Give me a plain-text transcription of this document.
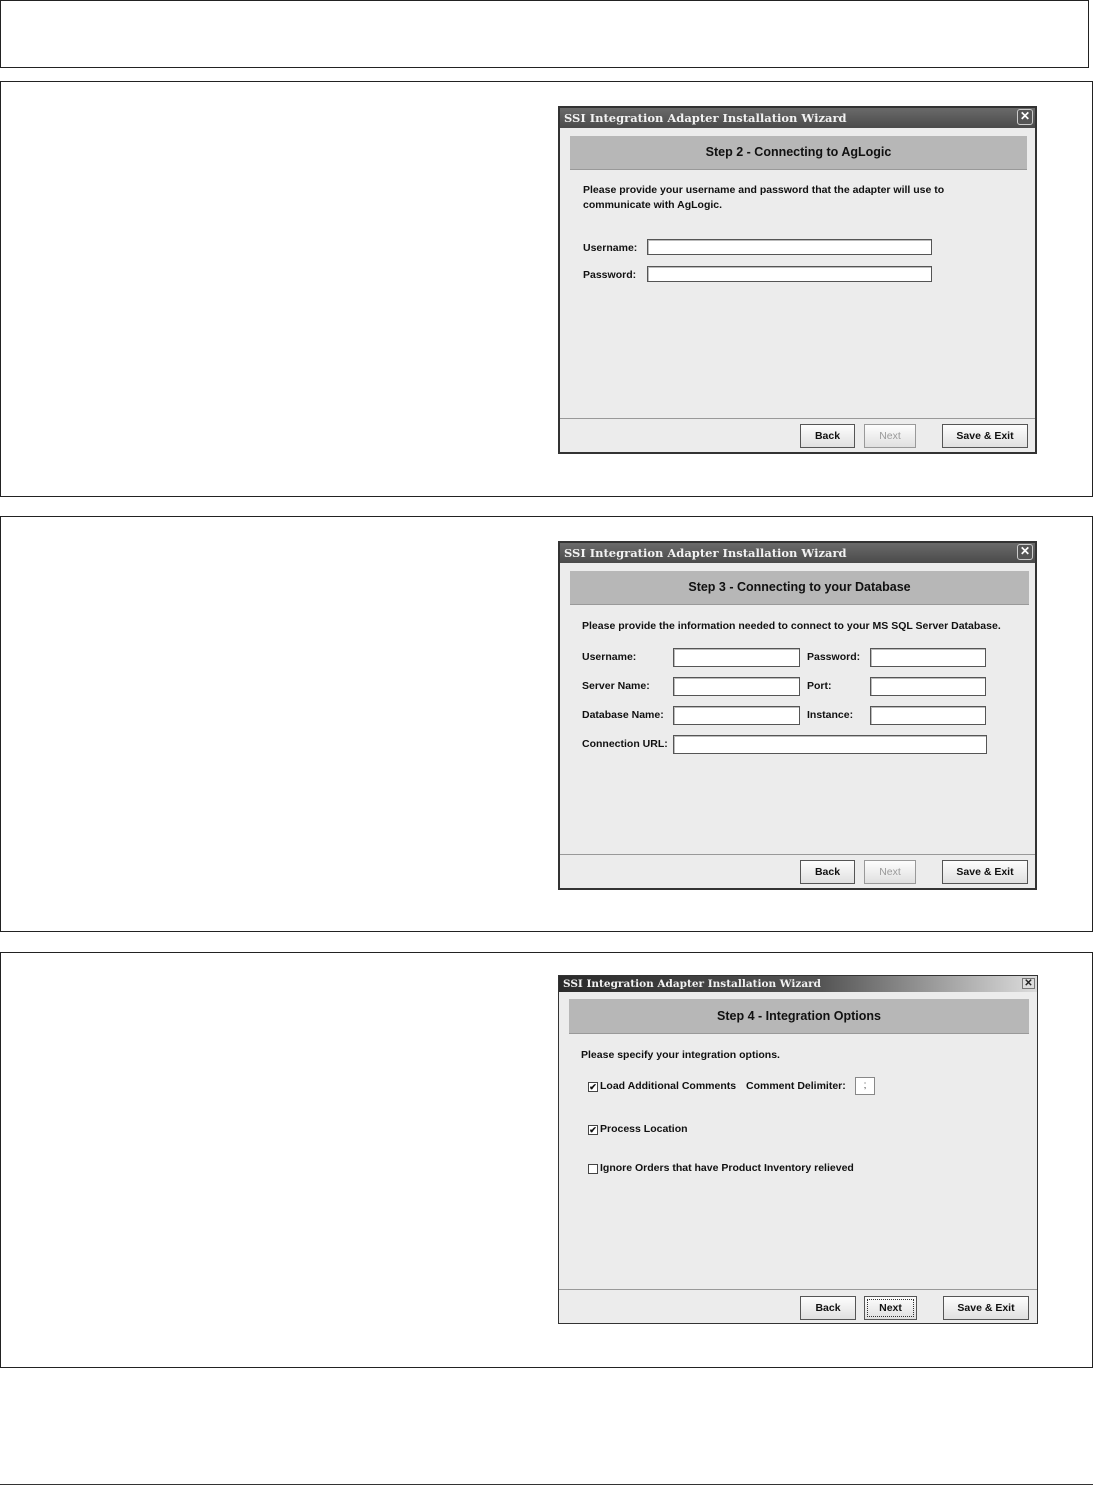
SSI Integration Adapter Installation Wizard	✕
Step 2 - Connecting to AgLogic
Please provide your username and password that the adapter will use to
communicate with AgLogic.
Username:
Password:
Back	Next	Save & Exit
SSI Integration Adapter Installation Wizard	✕
Step 3 - Connecting to your Database
Please provide the information needed to connect to your MS SQL Server Database.
Username:	Password:
Server Name:	Port:
Database Name:	Instance:
Connection URL:
Back	Next	Save & Exit
SSI Integration Adapter Installation Wizard	✕
Step 4 - Integration Options
Please specify your integration options.
✔ Load Additional Comments Comment Delimiter:	;
✔ Process Location
Ignore Orders that have Product Inventory relieved
Back	Next	Save & Exit
